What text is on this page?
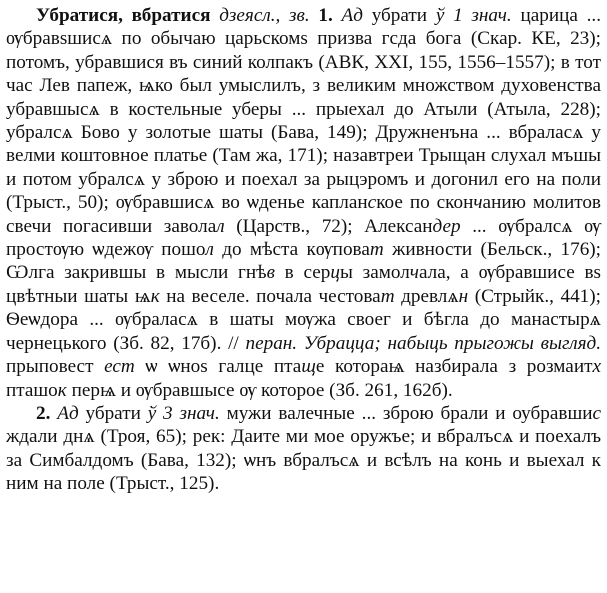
Убратися, вбратися дзеясл., зв. 1. Ад убрати ў 1 знач. царица ... ѹбравѕшисѧ по обычаю царьскомѕ призва гсда бога (Скар. КЕ, 23); потомъ, убравшися въ синий колпакъ (АВК, XXI, 155, 1556–1557); в тот час Лев папеж, ѩко был умыслилъ, з великим множством духовенства убравшысѧ в костельные уберы ... прыехал до Атыли (Атыла, 228); убралсѧ Бово у золотые шаты (Бава, 149); Дружненъна ... вбраласѧ у велми коштовное платье (Там жа, 171); назавтреи Трыщан слухал мъшы и потом убралсѧ у зброю и поехал за рыцэромъ и догонил его на поли (Трыст., 50); ѹбравшисѧ во ѡденье капланское по скончанию молитов свечи погасивши заволал (Царств., 72); Александер ... ѹбралсѧ ѹ простѹю ѡдежѹ пошол до мѣста кѹповат живности (Бельск., 176); Ѡлга закрившы в мысли гнѣв в серцы замолчала, а ѹбравшисе вѕ цвѣтныи шаты ѩк на веселе. почала честоват древлѧн (Стрыйк., 441); Ѳеѡдора ... ѹбраласѧ в шаты мѹжа своег и бѣгла до манастырѧ чернецького (Зб. 82, 17б). // перан. Убрацца; набыць прыгожы выгляд. прыповест ест ѡ ѡноѕ галце птаще котораѩ назбирала з розмаитх пташок перѩ и ѹбравшысе ѹ которое (Зб. 261, 162б).

2. Ад убрати ў 3 знач. мужи валечные ... зброю брали и оубравшис ждали днѧ (Троя, 65); рек: Даите ми мое оружъе; и вбралъсѧ и поехалъ за Симбалдомъ (Бава, 132); ѡнъ вбралъсѧ и всѣлъ на конь и выехал к ним на поле (Трыст., 125).
